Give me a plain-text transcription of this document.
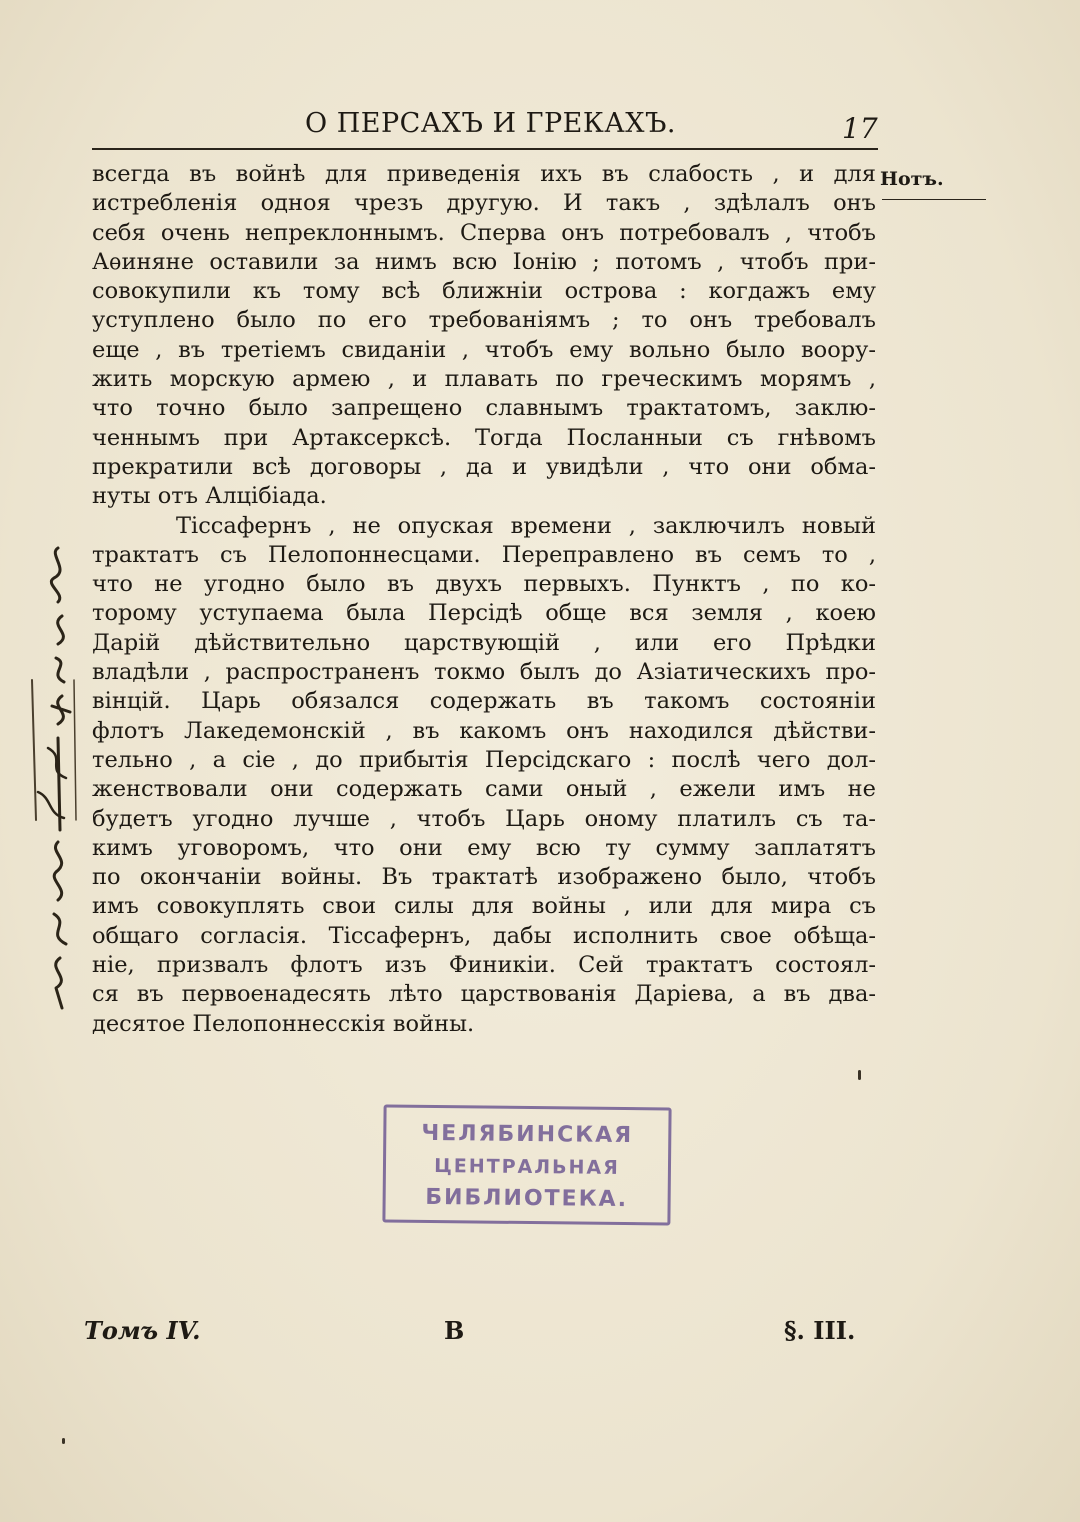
О ПЕРСАХЪ И ГРЕКАХЪ.	17
Нотъ.
всегда въ войнѣ для приведенія ихъ въ слабость , и для
истребленія одноя чрезъ другую. И такъ , здѣлалъ онъ
себя очень непреклоннымъ. Сперва онъ потребовалъ , чтобъ
Аѳиняне оставили за нимъ всю Іонію ; потомъ , чтобъ при-
совокупили къ тому всѣ ближніи острова : когдажъ ему
уступлено было по его требованіямъ ; то онъ требовалъ
еще , въ третіемъ свиданіи , чтобъ ему вольно было воору-
жить морскую армею , и плавать по греческимъ морямъ ,
что точно было запрещено славнымъ трактатомъ, заклю-
ченнымъ при Артаксерксѣ. Тогда Посланныи съ гнѣвомъ
прекратили всѣ договоры , да и увидѣли , что они обма-
нуты отъ Алцібіада.
Тіссафернъ , не опуская времени , заключилъ новый
трактатъ съ Пелопоннесцами. Переправлено въ семъ то ,
что не угодно было въ двухъ первыхъ. Пунктъ , по ко-
торому уступаема была Персідѣ обще вся земля , коею
Дарій дѣйствительно царствующій , или его Прѣдки
владѣли , распространенъ токмо былъ до Азіатическихъ про-
вінцій. Царь обязался содержать въ такомъ состояніи
флотъ Лакедемонскій , въ какомъ онъ находился дѣйстви-
тельно , а сіе , до прибытія Персідскаго : послѣ чего дол-
женствовали они содержать сами оный , ежели имъ не
будетъ угодно лучше , чтобъ Царь оному платилъ съ та-
кимъ уговоромъ, что они ему всю ту сумму заплатятъ
по окончаніи войны. Въ трактатѣ изображено было, чтобъ
имъ совокуплять свои силы для войны , или для мира съ
общаго согласія. Тіссафернъ, дабы исполнить свое обѣща-
ніе, призвалъ флотъ изъ Финикіи. Сей трактатъ состоял-
ся въ первоенадесять лѣто царствованія Даріева, а въ два-
десятое Пелопоннесскія войны.
ЧЕЛЯБИНСКАЯ
ЦЕНТРАЛЬНАЯ
БИБЛИОТЕКА.
Томъ IV.	В	§. III.
